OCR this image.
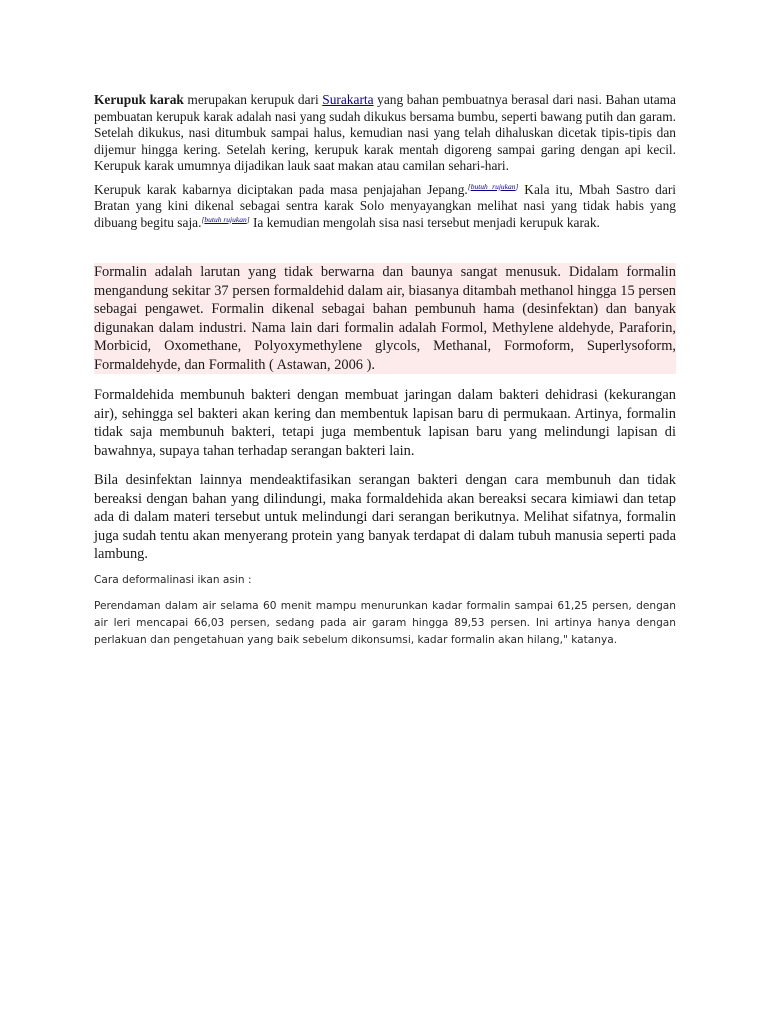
Kerupuk karak merupakan kerupuk dari Surakarta yang bahan pembuatnya berasal dari nasi. Bahan utama pembuatan kerupuk karak adalah nasi yang sudah dikukus bersama bumbu, seperti bawang putih dan garam. Setelah dikukus, nasi ditumbuk sampai halus, kemudian nasi yang telah dihaluskan dicetak tipis-tipis dan dijemur hingga kering. Setelah kering, kerupuk karak mentah digoreng sampai garing dengan api kecil. Kerupuk karak umumnya dijadikan lauk saat makan atau camilan sehari-hari.

Kerupuk karak kabarnya diciptakan pada masa penjajahan Jepang.[butuh rujukan] Kala itu, Mbah Sastro dari Bratan yang kini dikenal sebagai sentra karak Solo menyayangkan melihat nasi yang tidak habis yang dibuang begitu saja.[butuh rujukan] Ia kemudian mengolah sisa nasi tersebut menjadi kerupuk karak.

Formalin adalah larutan yang tidak berwarna dan baunya sangat menusuk. Didalam formalin mengandung sekitar 37 persen formaldehid dalam air, biasanya ditambah methanol hingga 15 persen sebagai pengawet. Formalin dikenal sebagai bahan pembunuh hama (desinfektan) dan banyak digunakan dalam industri. Nama lain dari formalin adalah Formol, Methylene aldehyde, Paraforin, Morbicid, Oxomethane, Polyoxymethylene glycols, Methanal, Formoform, Superlysoform, Formaldehyde, dan Formalith ( Astawan, 2006 ).

Formaldehida membunuh bakteri dengan membuat jaringan dalam bakteri dehidrasi (kekurangan air), sehingga sel bakteri akan kering dan membentuk lapisan baru di permukaan. Artinya, formalin tidak saja membunuh bakteri, tetapi juga membentuk lapisan baru yang melindungi lapisan di bawahnya, supaya tahan terhadap serangan bakteri lain.

Bila desinfektan lainnya mendeaktifasikan serangan bakteri dengan cara membunuh dan tidak bereaksi dengan bahan yang dilindungi, maka formaldehida akan bereaksi secara kimiawi dan tetap ada di dalam materi tersebut untuk melindungi dari serangan berikutnya. Melihat sifatnya, formalin juga sudah tentu akan menyerang protein yang banyak terdapat di dalam tubuh manusia seperti pada lambung.

Cara deformalinasi ikan asin :

Perendaman dalam air selama 60 menit mampu menurunkan kadar formalin sampai 61,25 persen, dengan air leri mencapai 66,03 persen, sedang pada air garam hingga 89,53 persen. Ini artinya hanya dengan perlakuan dan pengetahuan yang baik sebelum dikonsumsi, kadar formalin akan hilang," katanya.
